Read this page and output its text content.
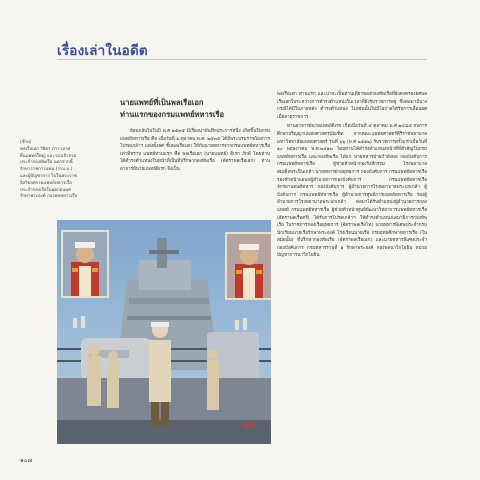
เรื่องเล่าในอดีต
นายแพทย์ที่เป็นพลเรือเอก
ท่านแรกของกรมแพทย์ทหารเรือ
(ซ้าย)
พลเรือเอก วิจิตร ภารามาศ
ยืนแพทย์ใหญ่ และรองเจ้ากรม
ประจำกองทัพเรือ นอกจากนี้
รักษาราชการแทน (รรบ.บ.)
และผู้บัญชาการ ไปในพระราช
อิสริยยศกรมแพทย์ทหารเรือ
ประจำกองเรือในยุคก่อนยุค
รักษาพระองค์ กองพลทหารเรือ

ย้อนกลับไปในปี พ.ศ.๒๕๓๕ มีเรื่องน่าบันทึกประการหนึ่ง เกิดขึ้นในกรมแพทย์ทหารเรือ คือ เมื่อวันที่ ๑ ตุลาคม พ.ศ. ๒๕๓๕ ได้มีพระบรมราชโองการโปรดเกล้าฯ แต่งตั้งยศ ชั้นพลเรือเอก ให้กับนายทหารจากกรมแพทย์ทหารเรือ เท่าที่ทราบ แพทย์ท่านแรก คือ พลเรือเอก (นายแพทย์) ดิเรก ภักดี โดยท่านได้ดำรงตำแหน่งในหน้าที่เป็นที่ปรึกษากองทัพเรือ (อัตราพลเรือเอก) ท่านอาจารย์นายแพทย์ดิเรก จึงเป็น

พลเรือเอก ท่านแรก และน่าจะเป็นท่านเดียวของกองทัพเรือที่ยังคงครองยศพลเรือเอกในระหว่างการดำรงตำแหน่งในเวลาที่ยังรับราชการอยู่ ซึ่งต่อมามีบางกรณีได้มีในภายหลัง ดำรงตำแหน่ง ไม่เช่นนั้นไม่มีโอกาสได้รับการเลื่อนยศเมื่ออายุราชการ

ท่านอาจารย์นายแพทย์ดิเรก เกิดเมื่อวันที่ ๕ ตุลาคม พ.ศ.๒๔๘๕ จบการศึกษาปริญญาแพทยศาสตรบัณฑิต จากคณะแพทยศาสตร์ศิริราชพยาบาล มหาวิทยาลัยแพทยศาสตร์ รุ่นที่ ๖๖ (พ.ศ.๒๕๑๒) รับราชการครั้งแรกเมื่อวันที่ ๑๐ พฤษภาคม พ.ศ.๒๕๑๓ โดยท่านได้ดำรงตำแหน่งหน้าที่ที่สำคัญในกรมแพทย์ทหารเรือ และกองทัพเรือ ได้แก่ นายทหารฝ่ายกำลังพล กองบังคับการ กรมแพทย์ทหารเรือ ผู้ช่วยหัวหน้ากองรังสีกรรม โรงพยาบาลสมเด็จพระปิ่นเกล้า นายทหารฝ่ายยุทธการ กองบังคับการ กรมแพทย์ทหารเรือ รองหัวหน้าแผนกผู้อำนวยการกองบังคับการ กรมแพทย์ทหารเรือ จักรยานยนต์ทหาร กองบังคับการ ผู้อำนวยการโรงพยาบาลพระปกเกล้า ผู้บังคับการ กรมแพทย์ทหารเรือ ผู้อำนวยการศูนย์การแพทย์ทหารเรือ รองผู้อำนวยการโรงพยาบาลพระปกเกล้า ต่อมาได้รับตำแหน่งผู้อำนวยการกองแพทย์ กรมแพทย์ทหารเรือ ผู้ช่วยหัวหน้าศูนย์พัฒนาวิทยาการแพทย์ทหารเรือ (อัตราพลเรือตรี) ได้รับการโปรดเกล้าฯ ให้ดำรงตำแหน่งเสนาธิการกองทัพเรือ ในราชการกองเรือยุทธการ (อัตราพลเรือโท) นายทหารพิเศษประจำกรมนักเรียนนายเรือรักษาพระองค์ โรงเรียนนายเรือ กรมยุทธศึกษาทหารเรือ (ในสมัยนั้น) ที่ปรึกษากองทัพเรือ (อัตราพลเรือเอก) และนายทหารพิเศษประจำกองบังคับการ กรมทหารราบที่ ๑ รักษาพระองค์ กองพลนาวิกโยธิน หน่วยบัญชาการนาวิกโยธิน

83
๑๐๗
